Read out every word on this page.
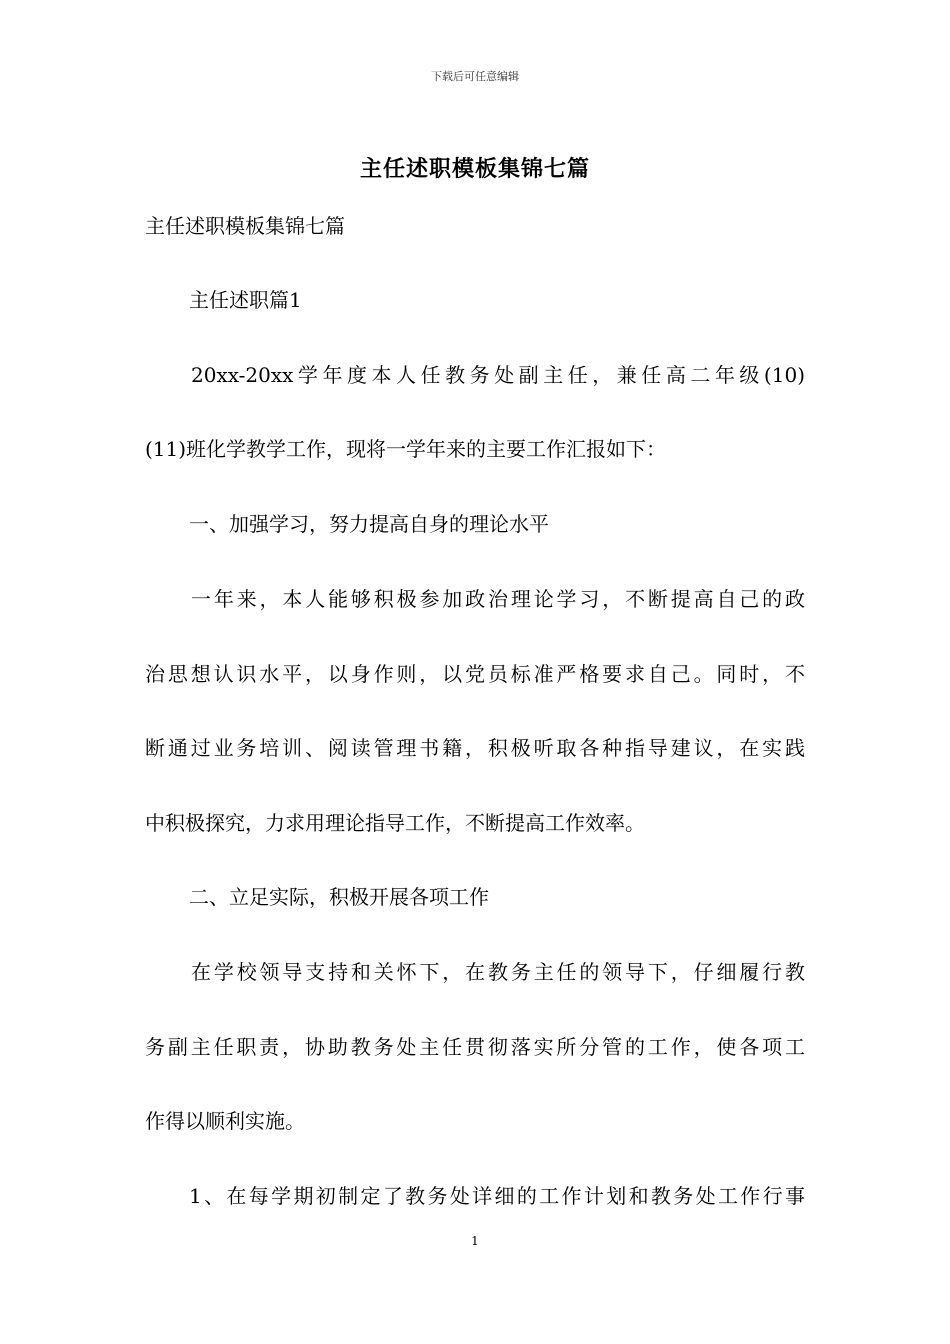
下载后可任意编辑
主任述职模板集锦七篇
主任述职模板集锦七篇
主任述职篇1
20xx-20xx学年度本人任教务处副主任，兼任高二年级(10)
(11)班化学教学工作，现将一学年来的主要工作汇报如下：
一、加强学习，努力提高自身的理论水平
一年来，本人能够积极参加政治理论学习，不断提高自己的政
治思想认识水平，以身作则，以党员标准严格要求自己。同时，不
断通过业务培训、阅读管理书籍，积极听取各种指导建议，在实践
中积极探究，力求用理论指导工作，不断提高工作效率。
二、立足实际，积极开展各项工作
在学校领导支持和关怀下，在教务主任的领导下，仔细履行教
务副主任职责，协助教务处主任贯彻落实所分管的工作，使各项工
作得以顺利实施。
1、在每学期初制定了教务处详细的工作计划和教务处工作行事
1
